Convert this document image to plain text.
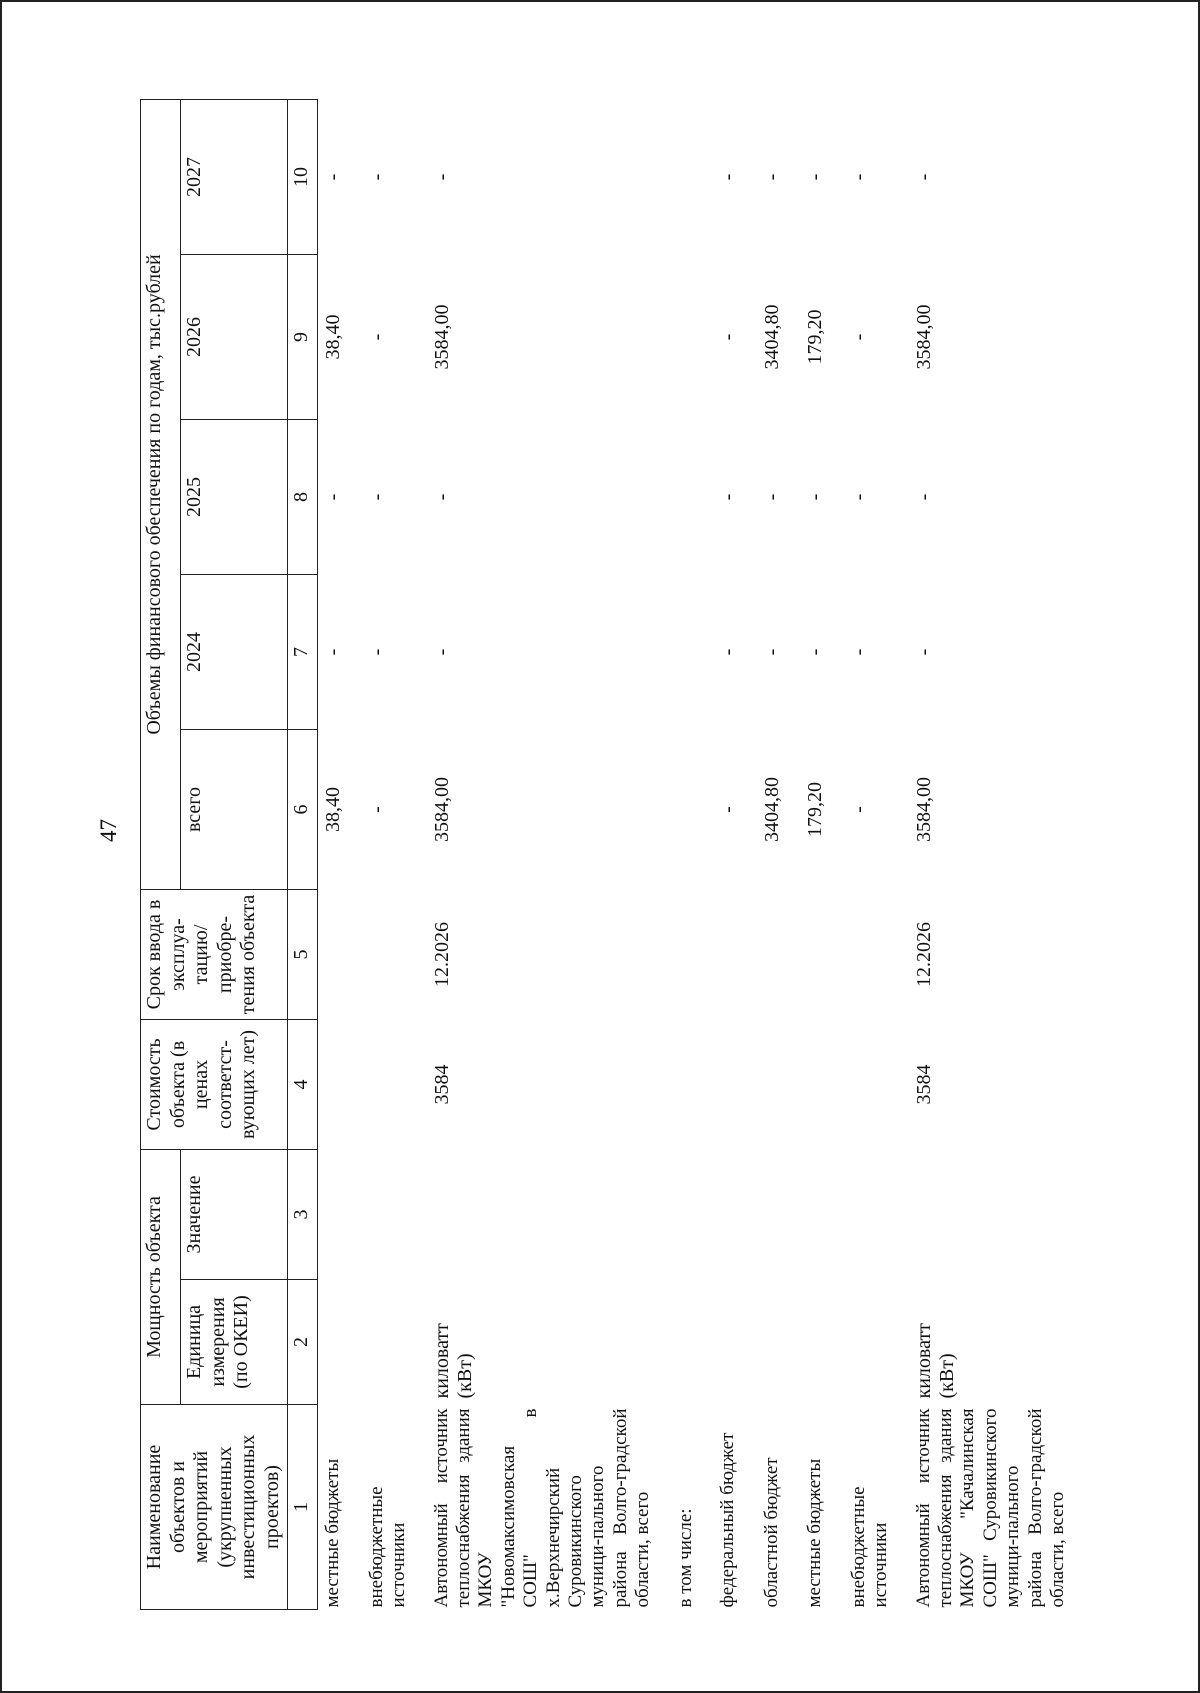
47
Наименование объектов и мероприятий (укрупненных инвестиционных проектов)	Мощность объекта		Стоимость объекта (в ценах соответст-вующих лет)	Срок ввода в эксплуа-тацию/ приобре-тения объекта	Объемы финансового обеспечения по годам, тыс.рублей				
	Единица измерения (по ОКЕИ)	Значение			всего	2024	2025	2026	2027
1	2	3	4	5	6	7	8	9	10
местные бюджеты					38,40	-	-	38,40	-
внебюджетные источники					-	-	-	-	-
Автономный источник теплоснабжения здания МКОУ "Новомаксимовская СОШ" в х.Верхнечирский Суровикинского муници-пального района Волго-градской области, всего	киловатт (кВт)		3584	12.2026	3584,00	-	-	3584,00	-
в том числе:									
федеральный бюджет					-	-	-	-	-
областной бюджет					3404,80	-	-	3404,80	-
местные бюджеты					179,20	-	-	179,20	-
внебюджетные источники					-	-	-	-	-
Автономный источник теплоснабжения здания МКОУ "Качалинская СОШ" Суровикинского муници-пального района Волго-градской области, всего	киловатт (кВт)		3584	12.2026	3584,00	-	-	3584,00	-
